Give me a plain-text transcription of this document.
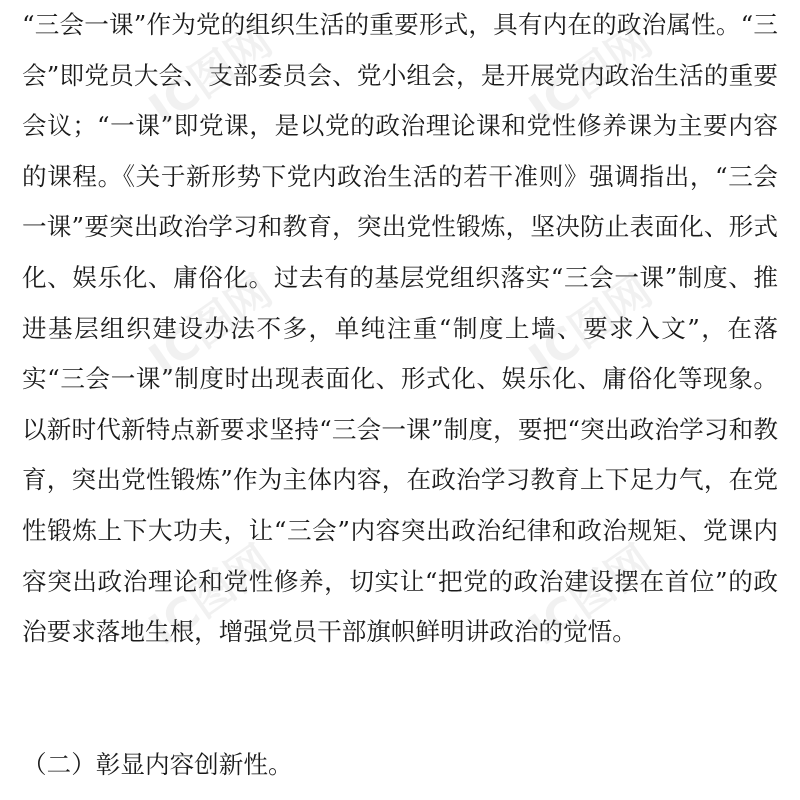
“三会一课”作为党的组织生活的重要形式，具有内在的政治属性。“三会”即党员大会、支部委员会、党小组会，是开展党内政治生活的重要会议；“一课”即党课，是以党的政治理论课和党性修养课为主要内容的课程。《关于新形势下党内政治生活的若干准则》强调指出，“三会一课”要突出政治学习和教育，突出党性锻炼，坚决防止表面化、形式化、娱乐化、庸俗化。过去有的基层党组织落实“三会一课”制度、推进基层组织建设办法不多，单纯注重“制度上墙、要求入文”，在落实“三会一课”制度时出现表面化、形式化、娱乐化、庸俗化等现象。以新时代新特点新要求坚持“三会一课”制度，要把“突出政治学习和教育，突出党性锻炼”作为主体内容，在政治学习教育上下足力气，在党性锻炼上下大功夫，让“三会”内容突出政治纪律和政治规矩、党课内容突出政治理论和党性修养，切实让“把党的政治建设摆在首位”的政治要求落地生根，增强党员干部旗帜鲜明讲政治的觉悟。

（二）彰显内容创新性。

IC图网	IC图网
IC图网	IC图网
IC图网	IC图网
